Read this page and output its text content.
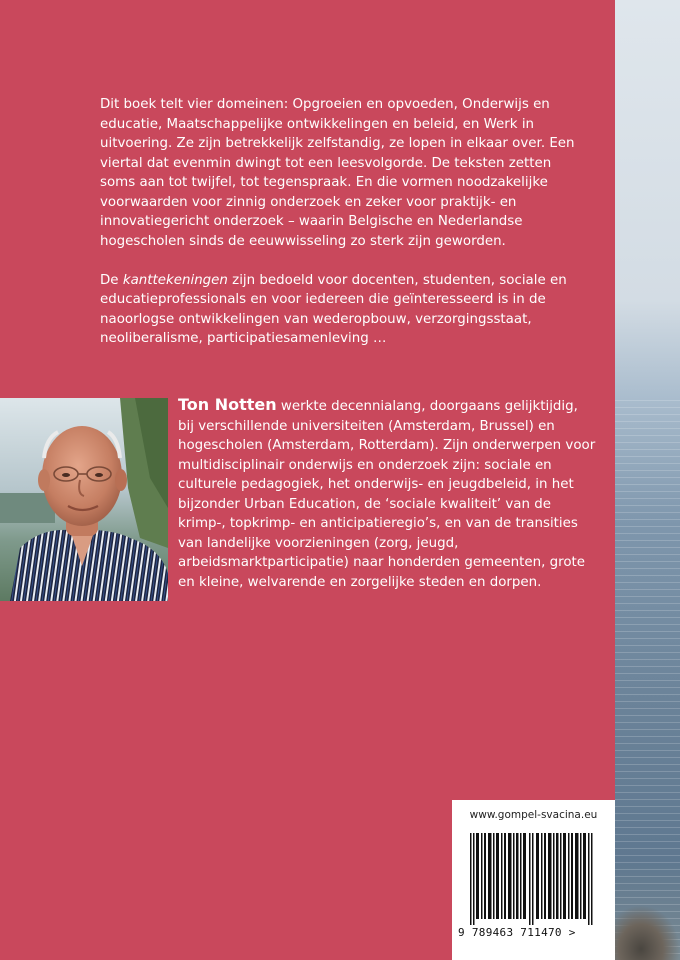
Dit boek telt vier domeinen: Opgroeien en opvoeden, Onderwijs en educatie, Maatschappelijke ontwikkelingen en beleid, en Werk in uitvoering. Ze zijn betrekkelijk zelfstandig, ze lopen in elkaar over. Een viertal dat evenmin dwingt tot een leesvolgorde. De teksten zetten soms aan tot twijfel, tot tegenspraak. En die vormen noodzakelijke voorwaarden voor zinnig onderzoek en zeker voor praktijk- en innovatiegericht onderzoek – waarin Belgische en Nederlandse hogescholen sinds de eeuwwisseling zo sterk zijn geworden.

De kanttekeningen zijn bedoeld voor docenten, studenten, sociale en educatieprofessionals en voor iedereen die geïnteresseerd is in de naoorlogse ontwikkelingen van wederopbouw, verzorgingsstaat, neoliberalisme, participatiesamenleving …

Ton Notten werkte decennialang, doorgaans gelijktijdig, bij verschillende universiteiten (Amsterdam, Brussel) en hogescholen (Amsterdam, Rotterdam). Zijn onderwerpen voor multidisciplinair onderwijs en onderzoek zijn: sociale en culturele pedagogiek, het onderwijs- en jeugdbeleid, in het bijzonder Urban Education, de ‘sociale kwaliteit’ van de krimp-, topkrimp- en anticipatieregio’s, en van de transities van landelijke voorzieningen (zorg, jeugd, arbeidsmarktparticipatie) naar honderden gemeenten, grote en kleine, welvarende en zorgelijke steden en dorpen.
www.gompel-svacina.eu
9 789463 711470 >
